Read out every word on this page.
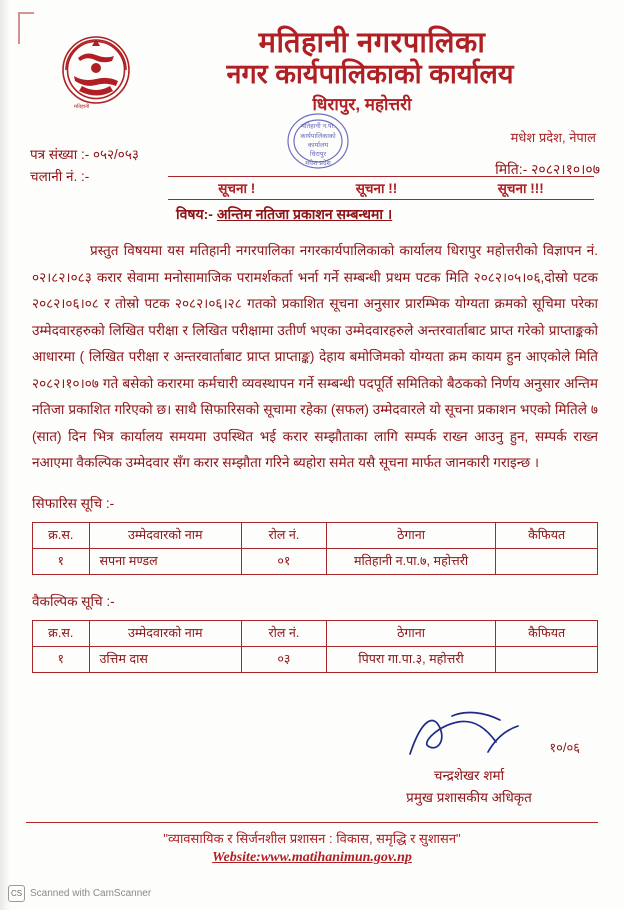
मतिहानी
मतिहानी नगरपालिका
नगर कार्यपालिकाको कार्यालय
धिरापुर, महोत्तरी
मधेश प्रदेश, नेपाल
मतिहानी न.पा.
कार्यपालिकाको
कार्यालय
धिरापुर
मधेश प्रदेश
पत्र संख्या :- ०५२/०५३
चलानी नं. :-	मिति:- २०८२।१०।०७
सूचना !	सूचना !!	सूचना !!!
विषय:- अन्तिम नतिजा प्रकाशन सम्बन्धमा ।

प्रस्तुत विषयमा यस मतिहानी नगरपालिका नगरकार्यपालिकाको कार्यालय धिरापुर महोत्तरीको विज्ञापन नं. ०२।८२।०८३ करार सेवामा मनोसामाजिक परामर्शकर्ता भर्ना गर्ने सम्बन्धी प्रथम पटक मिति २०८२।०५।०६,दोस्रो पटक २०८२।०६।०८ र तोस्रो पटक २०८२।०६।२८ गतको प्रकाशित सूचना अनुसार प्रारम्भिक योग्यता क्रमको सूचिमा परेका उम्मेदवारहरुको लिखित परीक्षा र लिखित परीक्षामा उतीर्ण भएका उम्मेदवारहरुले अन्तरवार्ताबाट प्राप्त गरेको प्राप्ताङ्कको आधारमा ( लिखित परीक्षा र अन्तरवार्ताबाट प्राप्त प्राप्ताङ्क) देहाय बमोजिमको योग्यता क्रम कायम हुन आएकोले मिति २०८२।१०।०७ गते बसेको करारमा कर्मचारी व्यवस्थापन गर्ने सम्बन्धी पदपूर्ति समितिको बैठकको निर्णय अनुसार अन्तिम नतिजा प्रकाशित गरिएको छ। साथै सिफारिसको सूचामा रहेका (सफल) उम्मेदवारले यो सूचना प्रकाशन भएको मितिले ७ (सात) दिन भित्र कार्यालय समयमा उपस्थित भई करार सम्झौताका लागि सम्पर्क राख्न आउनु हुन, सम्पर्क राख्न नआएमा वैकल्पिक उम्मेदवार सँग करार सम्झौता गरिने ब्यहोरा समेत यसै सूचना मार्फत जानकारी गराइन्छ ।

सिफारिस सूचि :-
क्र.स.	उम्मेदवारको नाम	रोल नं.	ठेगाना	कैफियत
१	सपना मण्डल	०१	मतिहानी न.पा.७, महोत्तरी	
वैकल्पिक सूचि :-
क्र.स.	उम्मेदवारको नाम	रोल नं.	ठेगाना	कैफियत
१	उत्तिम दास	०३	पिपरा गा.पा.३, महोत्तरी	
चन्द्रशेखर शर्मा
प्रमुख प्रशासकीय अधिकृत
१०/०६
"व्यावसायिक र सिर्जनशील प्रशासन : विकास, समृद्धि र सुशासन"
Website:www.matihanimun.gov.np
CS Scanned with CamScanner
